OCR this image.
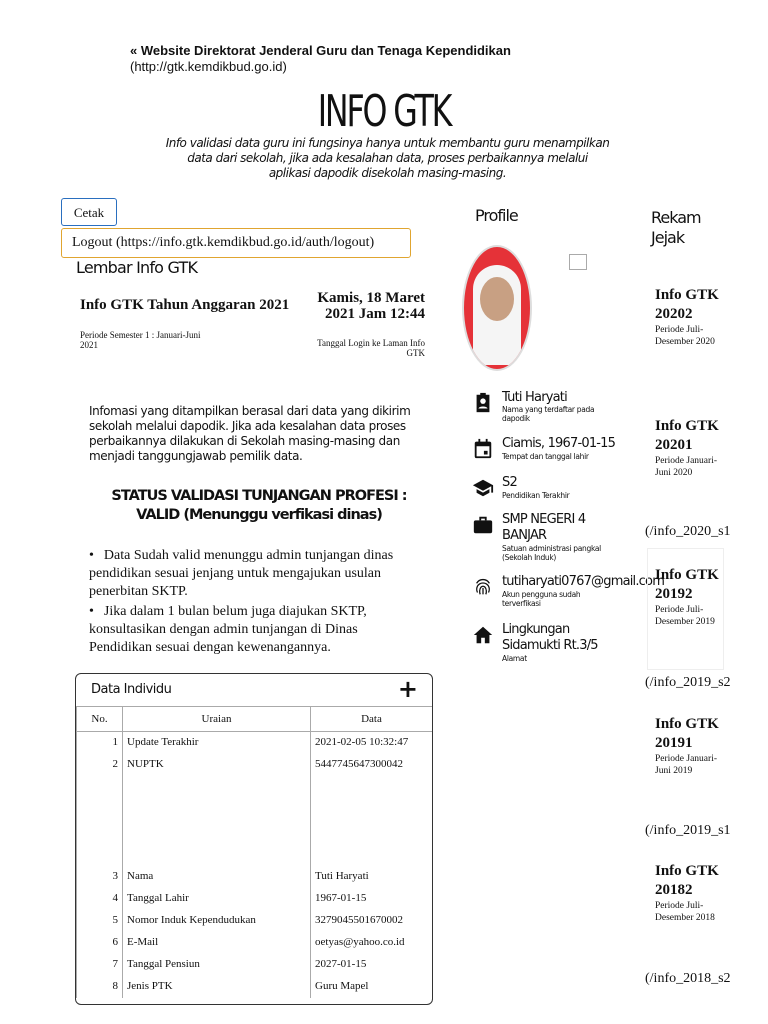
« Website Direktorat Jenderal Guru dan Tenaga Kependidikan
(http://gtk.kemdikbud.go.id)
INFO GTK
Info validasi data guru ini fungsinya hanya untuk membantu guru menampilkan data dari sekolah, jika ada kesalahan data, proses perbaikannya melalui aplikasi dapodik disekolah masing-masing.
Cetak
Logout (https://info.gtk.kemdikbud.go.id/auth/logout)
Lembar Info GTK
Info GTK Tahun Anggaran 2021
Periode Semester 1 : Januari-Juni 2021
Kamis, 18 Maret 2021 Jam 12:44
Tanggal Login ke Laman Info GTK
Infomasi yang ditampilkan berasal dari data yang dikirim sekolah melalui dapodik. Jika ada kesalahan data proses perbaikannya dilakukan di Sekolah masing-masing dan menjadi tanggungjawab pemilik data.
STATUS VALIDASI TUNJANGAN PROFESI : VALID (Menunggu verfikasi dinas)
• Data Sudah valid menunggu admin tunjangan dinas pendidikan sesuai jenjang untuk mengajukan usulan penerbitan SKTP.
• Jika dalam 1 bulan belum juga diajukan SKTP, konsultasikan dengan admin tunjangan di Dinas Pendidikan sesuai dengan kewenangannya.
Data Individu	+
No.	Uraian	Data
1	Update Terakhir	2021-02-05 10:32:47
2	NUPTK	5447745647300042
3	Nama	Tuti Haryati
4	Tanggal Lahir	1967-01-15
5	Nomor Induk Kependudukan	3279045501670002
6	E-Mail	oetyas@yahoo.co.id
7	Tanggal Pensiun	2027-01-15
8	Jenis PTK	Guru Mapel
Profile
Tuti Haryati
Nama yang terdaftar pada dapodik
Ciamis, 1967-01-15
Tempat dan tanggal lahir
S2
Pendidikan Terakhir
SMP NEGERI 4 BANJAR
Satuan administrasi pangkal (Sekolah Induk)
tutiharyati0767@gmail.com
Akun pengguna sudah terverfikasi
Lingkungan Sidamukti Rt.3/5
Alamat
Rekam Jejak
Info GTK 20202
Periode Juli-Desember 2020
Info GTK 20201
Periode Januari-Juni 2020
(/info_2020_s1
Info GTK 20192
Periode Juli-Desember 2019
(/info_2019_s2
Info GTK 20191
Periode Januari-Juni 2019
(/info_2019_s1
Info GTK 20182
Periode Juli-Desember 2018
(/info_2018_s2
